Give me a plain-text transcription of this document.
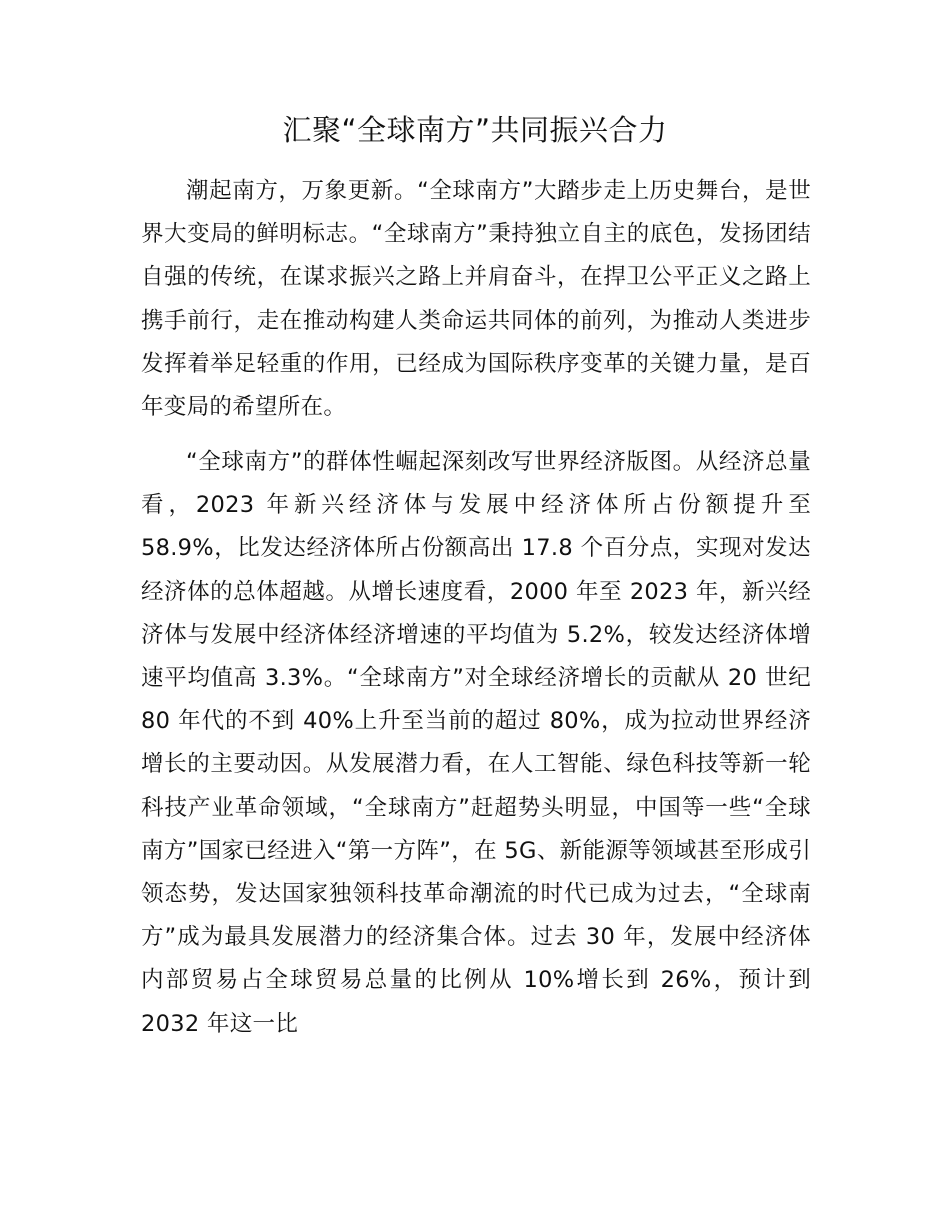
汇聚“全球南方”共同振兴合力

潮起南方，万象更新。“全球南方”大踏步走上历史舞台，是世界大变局的鲜明标志。“全球南方”秉持独立自主的底色，发扬团结自强的传统，在谋求振兴之路上并肩奋斗，在捍卫公平正义之路上携手前行，走在推动构建人类命运共同体的前列，为推动人类进步发挥着举足轻重的作用，已经成为国际秩序变革的关键力量，是百年变局的希望所在。

“全球南方”的群体性崛起深刻改写世界经济版图。从经济总量看，2023 年新兴经济体与发展中经济体所占份额提升至 58.9%，比发达经济体所占份额高出 17.8 个百分点，实现对发达经济体的总体超越。从增长速度看，2000 年至 2023 年，新兴经济体与发展中经济体经济增速的平均值为 5.2%，较发达经济体增速平均值高 3.3%。“全球南方”对全球经济增长的贡献从 20 世纪 80 年代的不到 40%上升至当前的超过 80%，成为拉动世界经济增长的主要动因。从发展潜力看，在人工智能、绿色科技等新一轮科技产业革命领域，“全球南方”赶超势头明显，中国等一些“全球南方”国家已经进入“第一方阵”，在 5G、新能源等领域甚至形成引领态势，发达国家独领科技革命潮流的时代已成为过去，“全球南方”成为最具发展潜力的经济集合体。过去 30 年，发展中经济体内部贸易占全球贸易总量的比例从 10%增长到 26%，预计到 2032 年这一比
